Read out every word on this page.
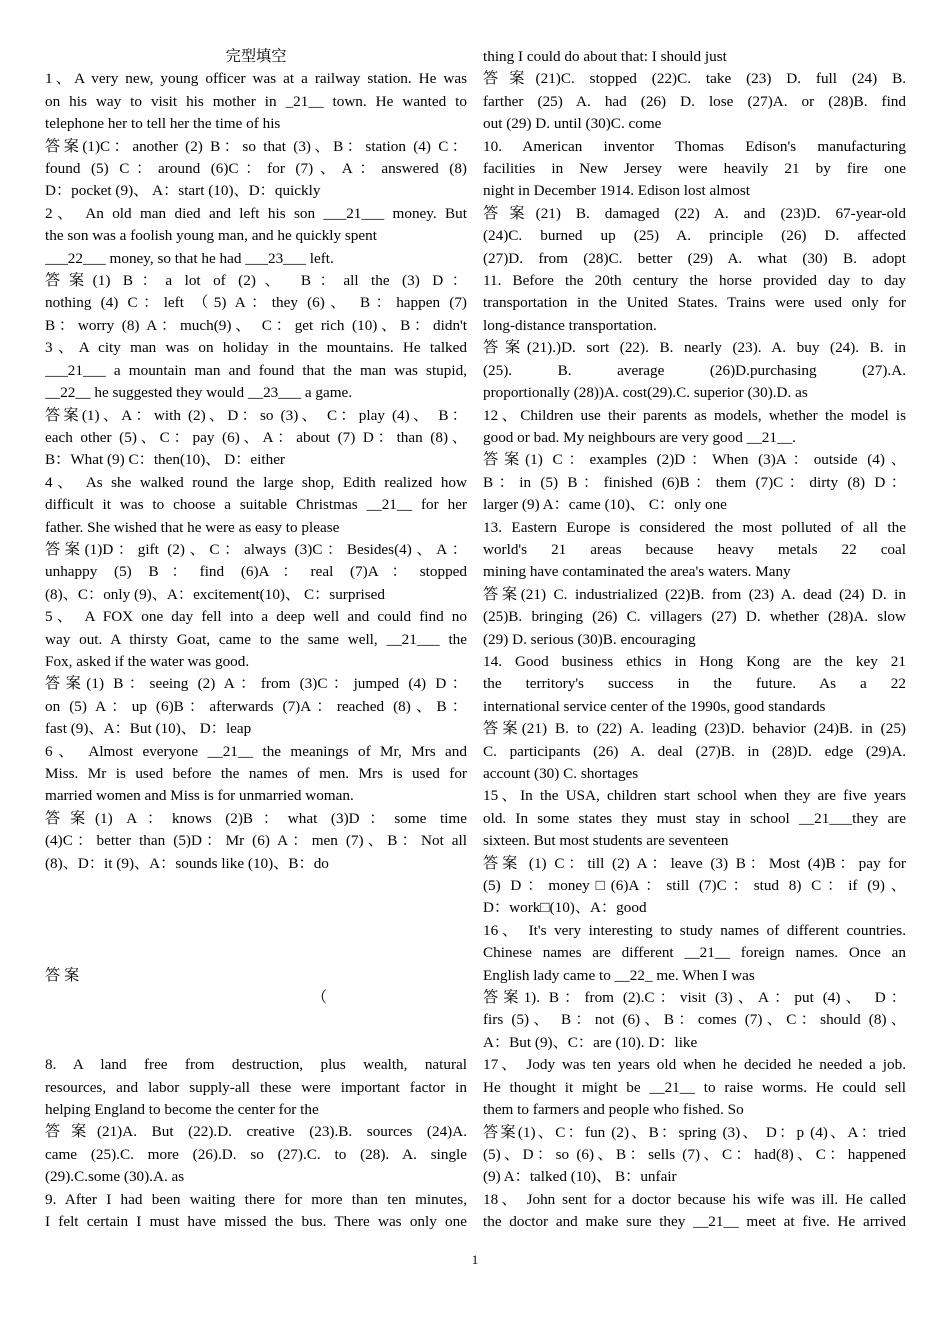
完型填空

1、A very new, young officer was at a railway station. He was

on his way to visit his mother in _21__ town. He wanted to

telephone her to tell her the time of his

答案(1)C：another (2) B：so that (3)、B：station (4) C：

found (5) C：around (6)C：for (7)、A：answered (8)

D：pocket (9)、 A：start (10)、D：quickly

2、 An old man died and left his son ___21___ money. But

the son was a foolish young man, and he quickly spent

___22___ money, so that he had ___23___ left.

答案(1) B：a lot of (2)、 B：all the (3) D：

nothing (4) C：left （5) A：they (6)、 B：happen (7)

B：worry (8) A：much(9)、 C：get rich (10)、B：didn't

3、A city man was on holiday in the mountains. He talked

___21___ a mountain man and found that the man was stupid,

__22__ he suggested they would __23___ a game.

答案(1)、A：with (2)、D：so (3)、 C：play (4)、 B：

each other (5)、C：pay (6)、A：about (7) D：than (8)、

B：What (9) C：then(10)、 D：either

4、 As she walked round the large shop, Edith realized how

difficult it was to choose a suitable Christmas __21__ for her

father. She wished that he were as easy to please

答案(1)D：gift (2)、C：always (3)C：Besides(4)、A：

unhappy (5) B：find (6)A：real (7)A：stopped

(8)、C：only (9)、A：excitement(10)、 C：surprised

5、 A FOX one day fell into a deep well and could find no

way out. A thirsty Goat, came to the same well, __21___ the

Fox, asked if the water was good.

答案(1) B：seeing (2) A：from (3)C：jumped (4) D：

on (5) A：up (6)B：afterwards (7)A：reached (8)、B：

fast (9)、A：But (10)、 D：leap

6、 Almost everyone __21__ the meanings of Mr, Mrs and

Miss. Mr is used before the names of men. Mrs is used for

married women and Miss is for unmarried woman.

答案(1) A：knows (2)B：what (3)D：some time

(4)C：better than (5)D：Mr (6) A：men (7)、B：Not all

(8)、D：it (9)、A：sounds like (10)、B：do

答 案

（

8. A land free from destruction, plus wealth, natural

resources, and labor supply-all these were important factor in

helping England to become the center for the

答案(21)A. But (22).D. creative (23).B. sources (24)A.

came (25).C. more (26).D. so (27).C. to (28). A. single

(29).C.some (30).A. as

9. After I had been waiting there for more than ten minutes,

I felt certain I must have missed the bus. There was only one

thing I could do about that: I should just

答案(21)C. stopped (22)C. take (23) D. full (24) B.

farther (25) A. had (26) D. lose (27)A. or (28)B. find

out (29) D. until (30)C. come

10. American inventor Thomas Edison's manufacturing

facilities in New Jersey were heavily 21 by fire one

night in December 1914. Edison lost almost

答案(21) B. damaged (22) A. and (23)D. 67-year-old

(24)C. burned up (25) A. principle (26) D. affected

(27)D. from (28)C. better (29) A. what (30) B. adopt

11. Before the 20th century the horse provided day to day

transportation in the United States. Trains were used only for

long-distance transportation.

答案(21).)D. sort (22). B. nearly (23). A. buy (24). B. in

(25). B. average (26)D.purchasing (27).A.

proportionally (28))A. cost(29).C. superior (30).D. as

12、Children use their parents as models, whether the model is

good or bad. My neighbours are very good __21__.

答案(1) C：examples (2)D：When (3)A：outside (4)、

B：in (5) B：finished (6)B：them (7)C：dirty (8) D：

larger (9) A：came (10)、 C：only one

13. Eastern Europe is considered the most polluted of all the

world's 21 areas because heavy metals 22 coal

mining have contaminated the area's waters. Many

答案(21) C. industrialized (22)B. from (23) A. dead (24) D. in

(25)B. bringing (26) C. villagers (27) D. whether (28)A. slow

(29) D. serious (30)B. encouraging

14. Good business ethics in Hong Kong are the key 21

the territory's success in the future. As a 22

international service center of the 1990s, good standards

答案(21) B. to (22) A. leading (23)D. behavior (24)B. in (25)

C. participants (26) A. deal (27)B. in (28)D. edge (29)A.

account (30) C. shortages

15、In the USA, children start school when they are five years

old. In some states they must stay in school __21___they are

sixteen. But most students are seventeen

答案 (1) C：till (2) A：leave (3) B：Most (4)B：pay for

(5) D：money□(6)A：still (7)C：stud 8) C：if (9)、

D：work□(10)、A：good

16、 It's very interesting to study names of different countries.

Chinese names are different __21__ foreign names. Once an

English lady came to __22_ me. When I was

答案1). B：from (2).C：visit (3)、A：put (4)、 D：

firs (5)、 B：not (6)、B：comes (7)、C：should (8)、

A：But (9)、C：are (10). D：like

17、 Jody was ten years old when he decided he needed a job.

He thought it might be __21__ to raise worms. He could sell

them to farmers and people who fished. So

答案(1)、C：fun (2)、B：spring (3)、 D：p (4)、A：tried

(5)、D：so (6)、B：sells (7)、C：had(8)、C：happened

(9) A：talked (10)、 B：unfair

18、 John sent for a doctor because his wife was ill. He called

the doctor and make sure they __21__ meet at five. He arrived

1
